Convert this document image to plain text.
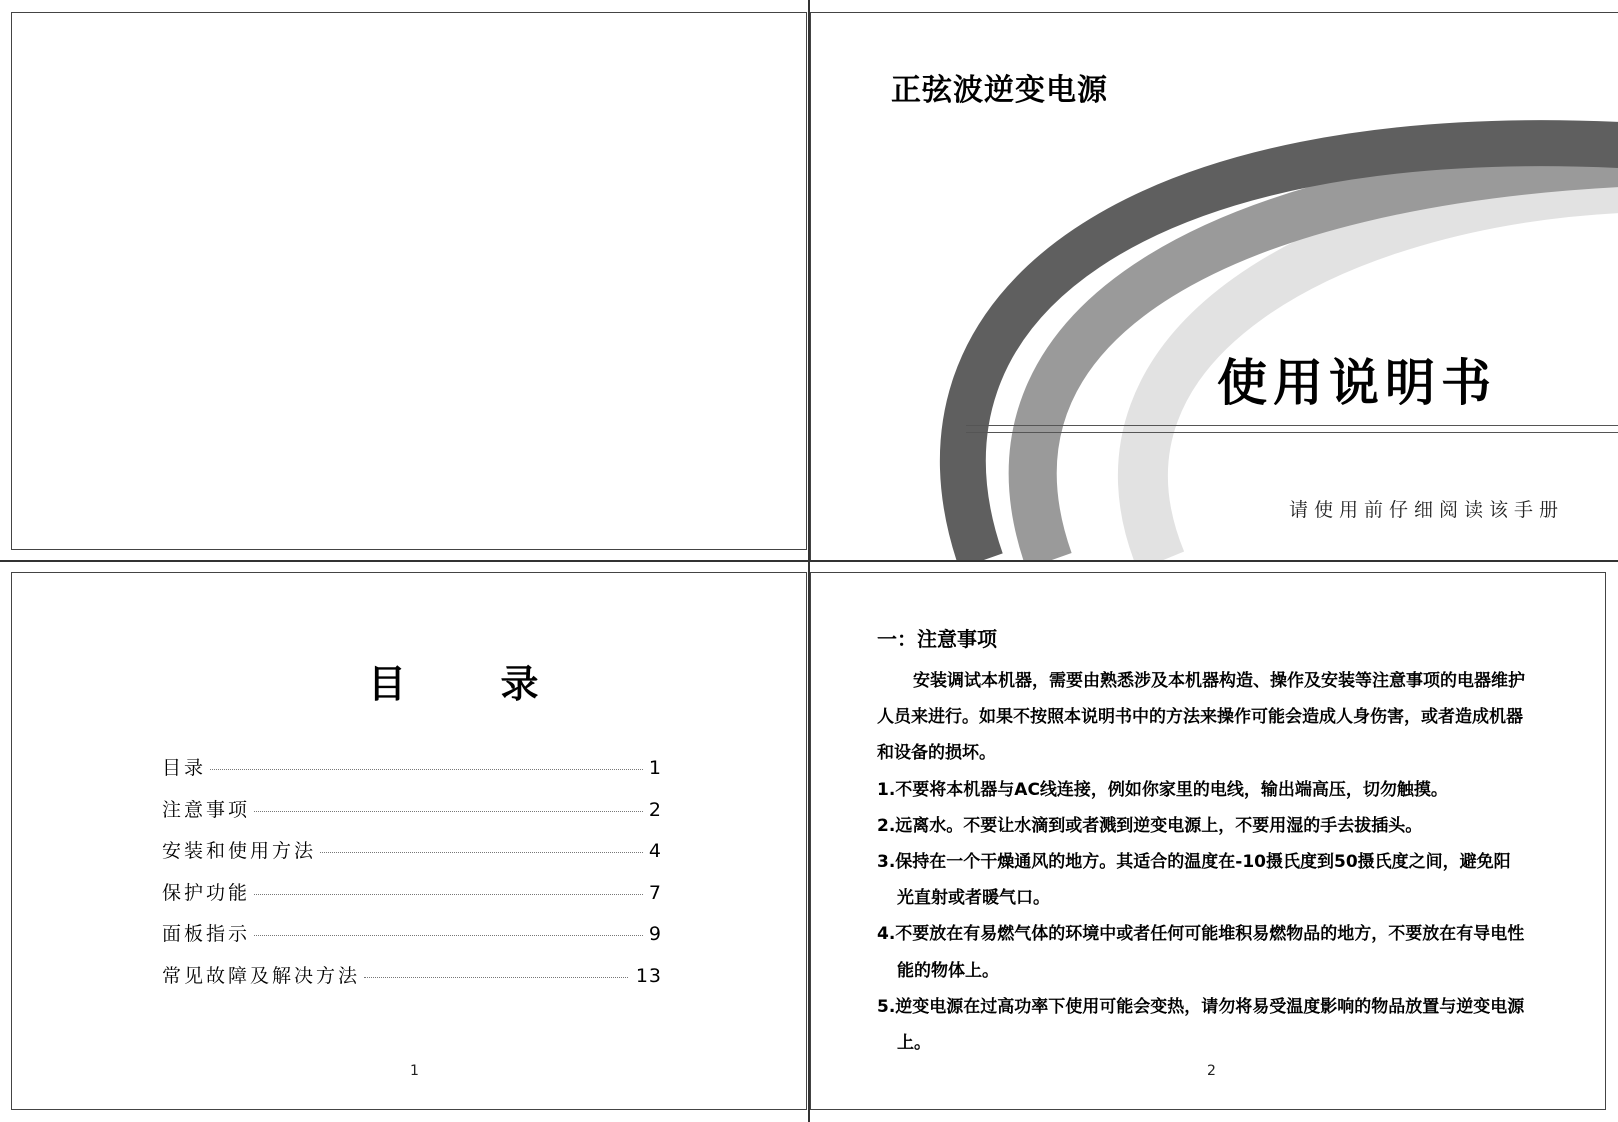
正弦波逆变电源
使用说明书
请使用前仔细阅读该手册
目 录
目录	1
注意事项	2
安装和使用方法	4
保护功能	7
面板指示	9
常见故障及解决方法	13
1
一：注意事项

安装调试本机器，需要由熟悉涉及本机器构造、操作及安装等注意事项的电器维护人员来进行。如果不按照本说明书中的方法来操作可能会造成人身伤害，或者造成机器和设备的损坏。

1.不要将本机器与AC线连接，例如你家里的电线，输出端高压，切勿触摸。

2.远离水。不要让水滴到或者溅到逆变电源上，不要用湿的手去拔插头。

3.保持在一个干燥通风的地方。其适合的温度在-10摄氏度到50摄氏度之间，避免阳光直射或者暖气口。

4.不要放在有易燃气体的环境中或者任何可能堆积易燃物品的地方，不要放在有导电性能的物体上。

5.逆变电源在过高功率下使用可能会变热，请勿将易受温度影响的物品放置与逆变电源上。

2
